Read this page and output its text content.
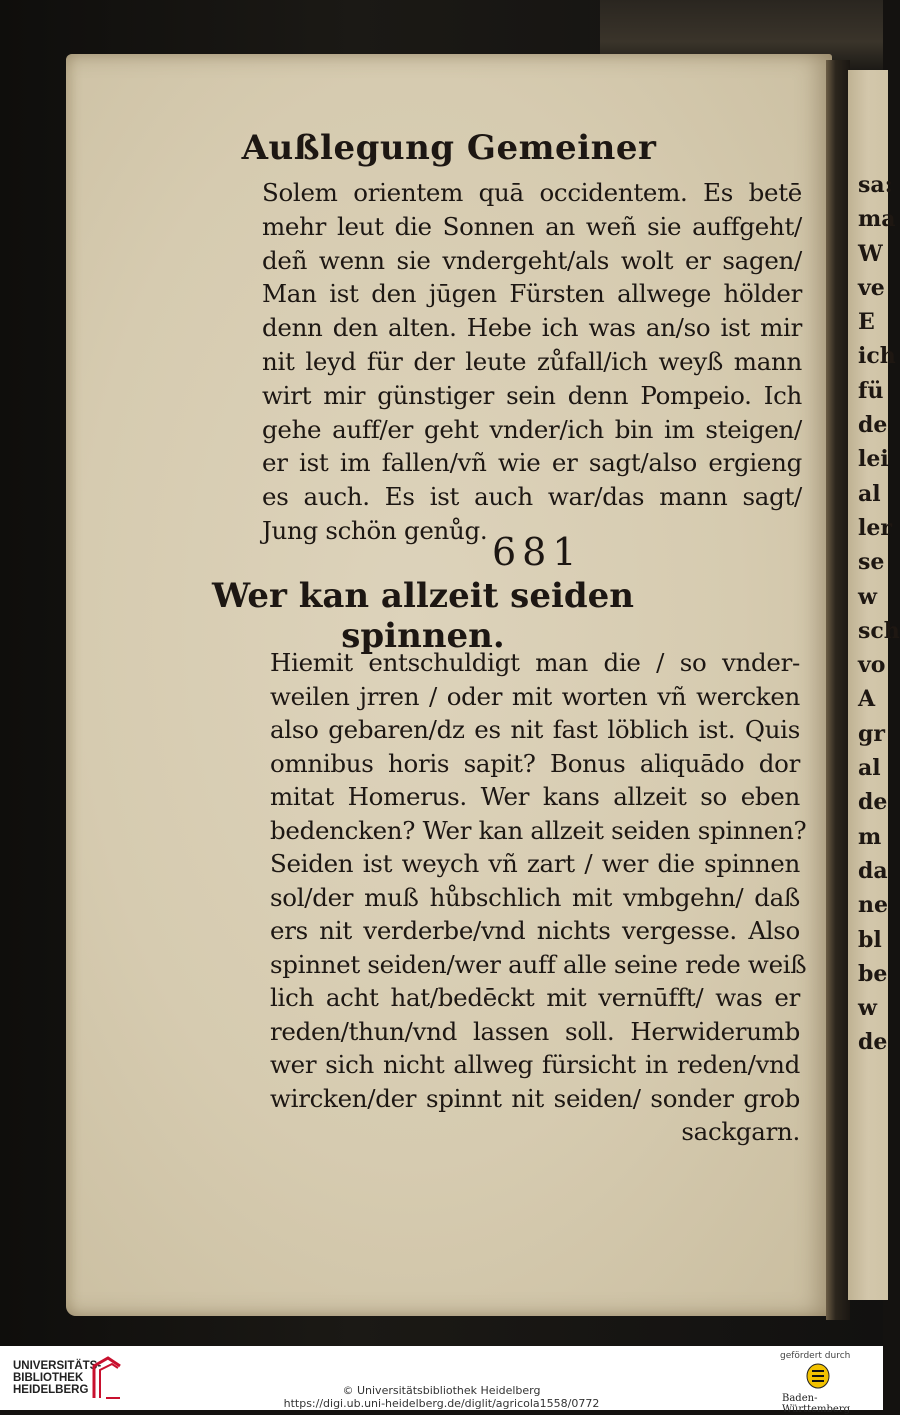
sa:
ma
W
ve
E
ich
fü
de
lei
al
ler
se
w
sch
vo
A
gr
al
de
m
da
ne
bl
be
w
de
Außlegung Gemeiner
Solem orientem quā occidentem. Es betē
mehr leut die Sonnen an weñ sie auffgeht/
deñ wenn sie vndergeht/als wolt er sagen/
Man ist den jūgen Fürsten allwege hölder
denn den alten. Hebe ich was an/so ist mir
nit leyd für der leute zůfall/ich weyß mann
wirt mir günstiger sein denn Pompeio. Ich
gehe auff/er geht vnder/ich bin im steigen/
er ist im fallen/vñ wie er sagt/also ergieng
es auch. Es ist auch war/das mann sagt/
Jung schön genůg. 681
Wer kan allzeit seiden
spinnen.
Hiemit entschuldigt man die / so vnder-
weilen jrren / oder mit worten vñ wercken
also gebaren/dz es nit fast löblich ist. Quis
omnibus horis sapit? Bonus aliquādo dor
mitat Homerus. Wer kans allzeit so eben
bedencken? Wer kan allzeit seiden spinnen?
Seiden ist weych vñ zart / wer die spinnen
sol/der muß hůbschlich mit vmbgehn/ daß
ers nit verderbe/vnd nichts vergesse. Also
spinnet seiden/wer auff alle seine rede weiß
lich acht hat/bedēckt mit vernūfft/ was er
reden/thun/vnd lassen soll. Herwiderumb
wer sich nicht allweg fürsicht in reden/vnd
wircken/der spinnt nit seiden/ sonder grob
sackgarn.
UNIVERSITÄTS-
BIBLIOTHEK
HEIDELBERG	© Universitätsbibliothek Heidelberg
https://digi.ub.uni-heidelberg.de/diglit/agricola1558/0772
gefördert durch
Baden-Württemberg
